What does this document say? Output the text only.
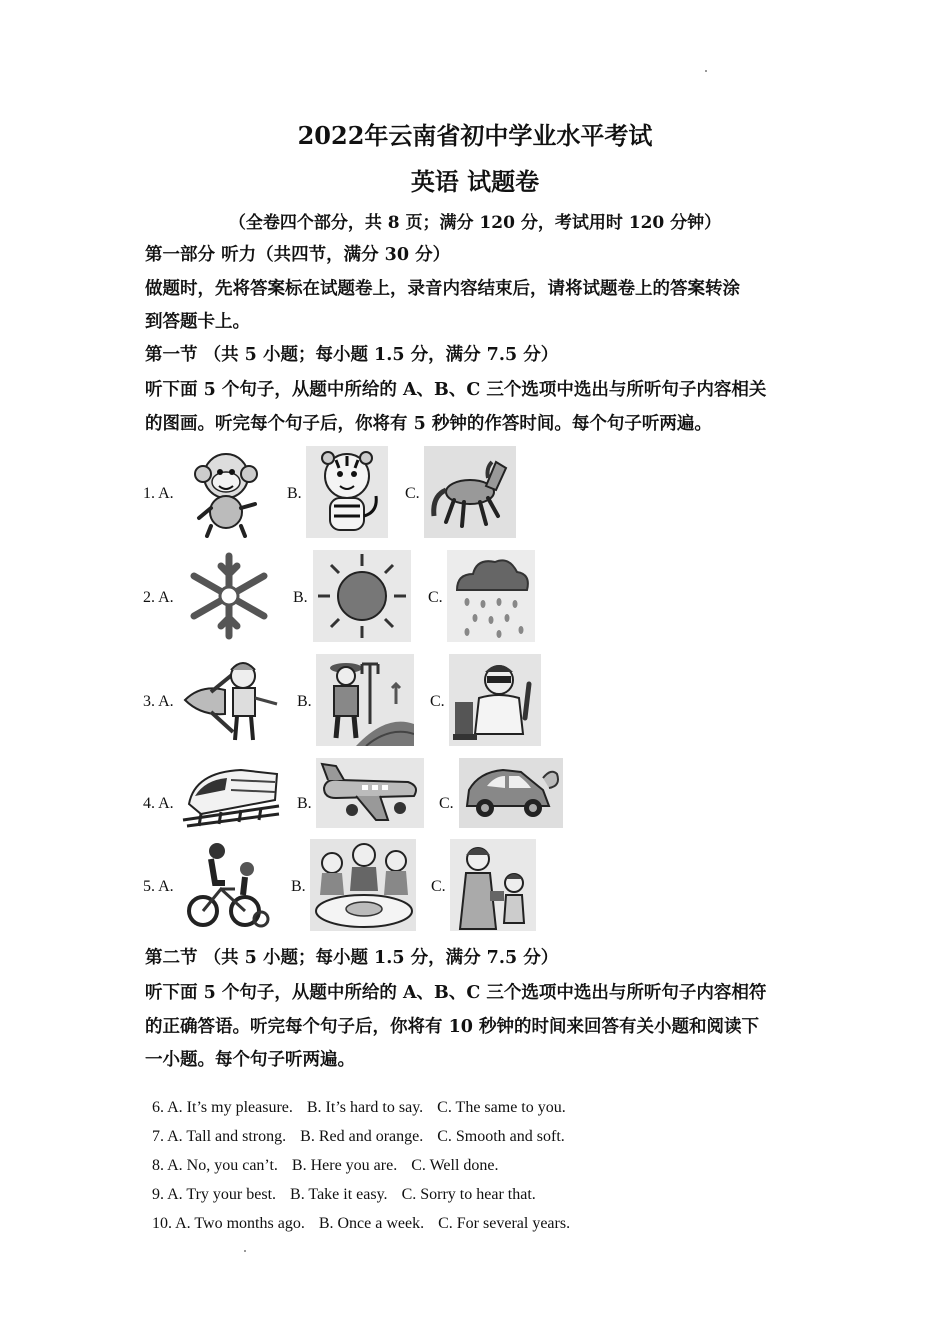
2022年云南省初中学业水平考试
英语 试题卷
（全卷四个部分，共 8 页；满分 120 分，考试用时 120 分钟）
第一部分 听力（共四节，满分 30 分）
做题时，先将答案标在试题卷上，录音内容结束后，请将试题卷上的答案转涂
到答题卡上。
第一节 （共 5 小题；每小题 1.5 分，满分 7.5 分）
听下面 5 个句子，从题中所给的 A、B、C 三个选项中选出与所听句子内容相关
的图画。听完每个句子后，你将有 5 秒钟的作答时间。每个句子听两遍。
1. A.	B.	C.
2. A.	B.	C.
3. A.	B.	C.
4. A.	B.	C.
5. A.	B.	C.
第二节 （共 5 小题；每小题 1.5 分，满分 7.5 分）
听下面 5 个句子，从题中所给的 A、B、C 三个选项中选出与所听句子内容相符
的正确答语。听完每个句子后，你将有 10 秒钟的时间来回答有关小题和阅读下
一小题。每个句子听两遍。

6. A. It’s my pleasure. B. It’s hard to say. C. The same to you.

7. A. Tall and strong. B. Red and orange. C. Smooth and soft.

8. A. No, you can’t. B. Here you are. C. Well done.

9. A. Try your best. B. Take it easy. C. Sorry to hear that.

10. A. Two months ago. B. Once a week. C. For several years.
